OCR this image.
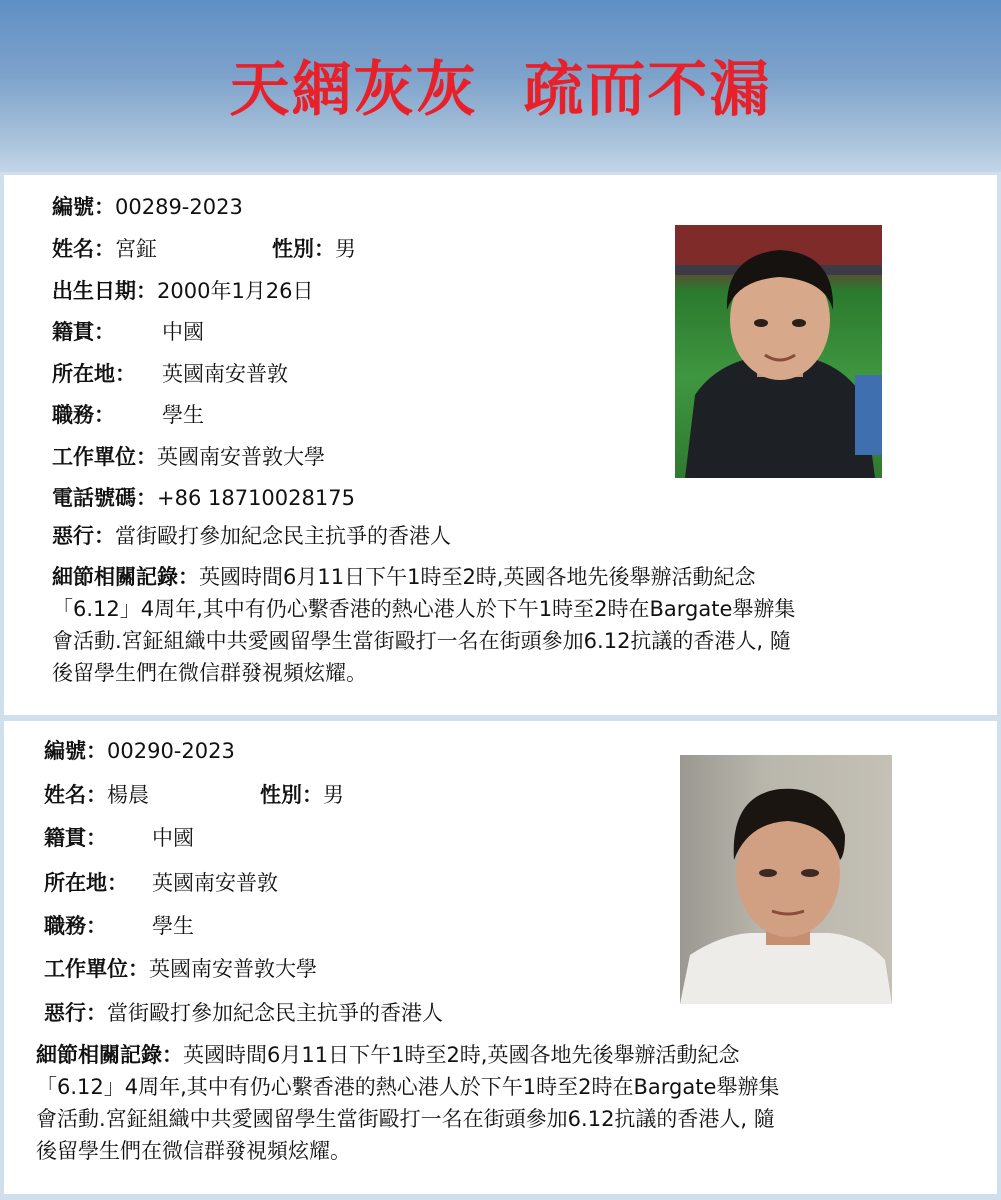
天網灰灰  疏而不漏
編號：00289-2023
姓名：宮鉦	性別：男
出生日期：2000年1月26日
籍貫： 中國
所在地： 英國南安普敦
職務： 學生
工作單位：英國南安普敦大學
電話號碼：+86 18710028175
惡行：當街毆打參加紀念民主抗爭的香港人
細節相關記錄：英國時間6月11日下午1時至2時,英國各地先後舉辦活動紀念
「6.12」4周年,其中有仍心繫香港的熱心港人於下午1時至2時在Bargate舉辦集
會活動.宮鉦組織中共愛國留學生當街毆打一名在街頭參加6.12抗議的香港人, 隨
後留學生們在微信群發視頻炫耀。
編號：00290-2023
姓名：楊晨	性別：男
籍貫： 中國
所在地： 英國南安普敦
職務： 學生
工作單位：英國南安普敦大學
惡行：當街毆打參加紀念民主抗爭的香港人
細節相關記錄：英國時間6月11日下午1時至2時,英國各地先後舉辦活動紀念
「6.12」4周年,其中有仍心繫香港的熱心港人於下午1時至2時在Bargate舉辦集
會活動.宮鉦組織中共愛國留學生當街毆打一名在街頭參加6.12抗議的香港人, 隨
後留學生們在微信群發視頻炫耀。
